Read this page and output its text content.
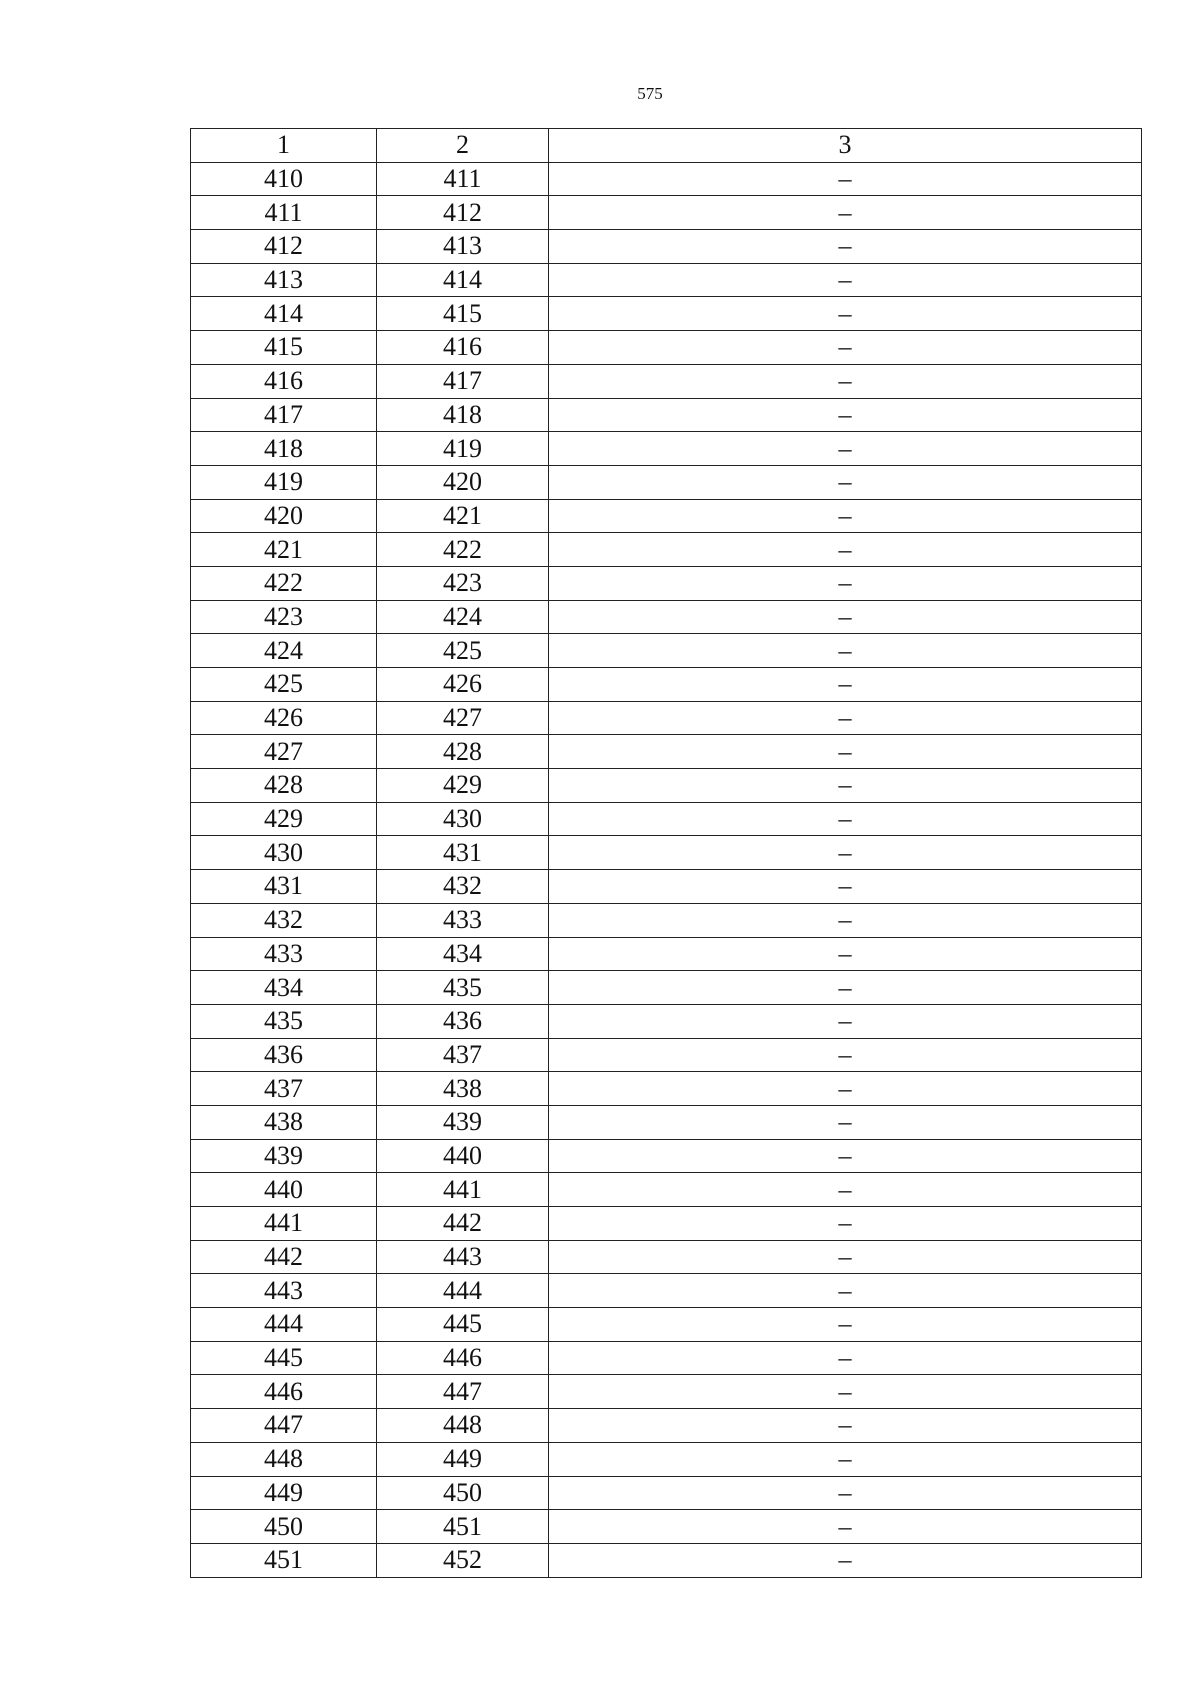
575
1	2	3
410	411	–
411	412	–
412	413	–
413	414	–
414	415	–
415	416	–
416	417	–
417	418	–
418	419	–
419	420	–
420	421	–
421	422	–
422	423	–
423	424	–
424	425	–
425	426	–
426	427	–
427	428	–
428	429	–
429	430	–
430	431	–
431	432	–
432	433	–
433	434	–
434	435	–
435	436	–
436	437	–
437	438	–
438	439	–
439	440	–
440	441	–
441	442	–
442	443	–
443	444	–
444	445	–
445	446	–
446	447	–
447	448	–
448	449	–
449	450	–
450	451	–
451	452	–
